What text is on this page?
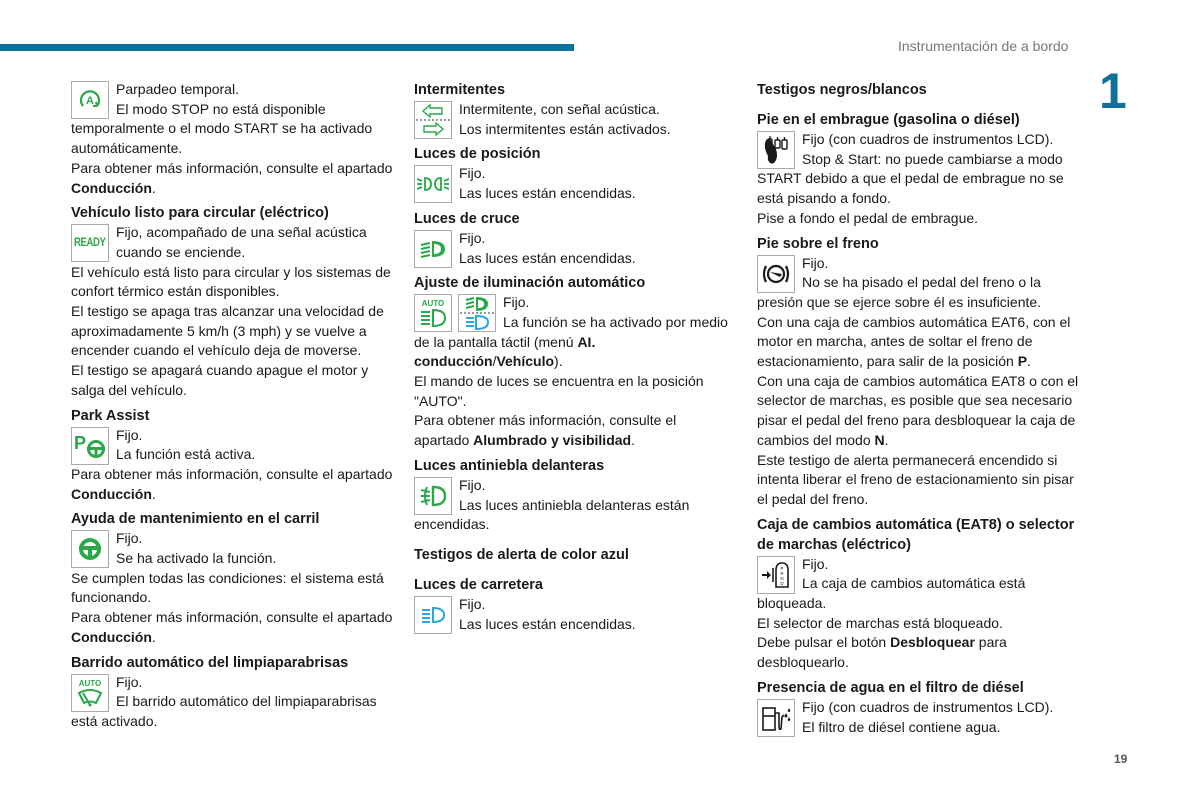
Instrumentación de a bordo
1
19
A

Parpadeo temporal.

El modo STOP no está disponible

temporalmente o el modo START se ha activado automáticamente.

Para obtener más información, consulte el apartado Conducción.

Vehículo listo para circular (eléctrico)
READY

Fijo, acompañado de una señal acústica cuando se enciende.

El vehículo está listo para circular y los sistemas de confort térmico están disponibles.

El testigo se apaga tras alcanzar una velocidad de aproximadamente 5 km/h (3 mph) y se vuelve a encender cuando el vehículo deja de moverse.

El testigo se apagará cuando apague el motor y salga del vehículo.

Park Assist
P	Fijo.

La función está activa.

Para obtener más información, consulte el apartado Conducción.

Ayuda de mantenimiento en el carril

Fijo.

Se ha activado la función.

Se cumplen todas las condiciones: el sistema está funcionando.

Para obtener más información, consulte el apartado Conducción.

Barrido automático del limpiaparabrisas
AUTO	Fijo.

El barrido automático del limpiaparabrisas está activado.

Intermitentes

Intermitente, con señal acústica.

Los intermitentes están activados.

Luces de posición

Fijo.

Las luces están encendidas.

Luces de cruce

Fijo.

Las luces están encendidas.

Ajuste de iluminación automático
AUTO	Fijo.

La función se ha activado por medio de la pantalla táctil (menú AI. conducción/Vehículo).

El mando de luces se encuentra en la posición "AUTO".

Para obtener más información, consulte el apartado Alumbrado y visibilidad.

Luces antiniebla delanteras

Fijo.

Las luces antiniebla delanteras están encendidas.

Testigos de alerta de color azul
Luces de carretera

Fijo.

Las luces están encendidas.

Testigos negros/blancos
Pie en el embrague (gasolina o diésel)

Fijo (con cuadros de instrumentos LCD).

Stop & Start: no puede cambiarse a modo START debido a que el pedal de embrague no se está pisando a fondo.

Pise a fondo el pedal de embrague.

Pie sobre el freno

Fijo.

No se ha pisado el pedal del freno o la presión que se ejerce sobre él es insuficiente.

Con una caja de cambios automática EAT6, con el motor en marcha, antes de soltar el freno de estacionamiento, para salir de la posición P.

Con una caja de cambios automática EAT8 o con el selector de marchas, es posible que sea necesario pisar el pedal del freno para desbloquear la caja de cambios del modo N.

Este testigo de alerta permanecerá encendido si intenta liberar el freno de estacionamiento sin pisar el pedal del freno.

Caja de cambios automática (EAT8) o selector de marchas (eléctrico)
P
R
N
D

Fijo.

La caja de cambios automática está bloqueada.

El selector de marchas está bloqueado.

Debe pulsar el botón Desbloquear para desbloquearlo.

Presencia de agua en el filtro de diésel

Fijo (con cuadros de instrumentos LCD).

El filtro de diésel contiene agua.
